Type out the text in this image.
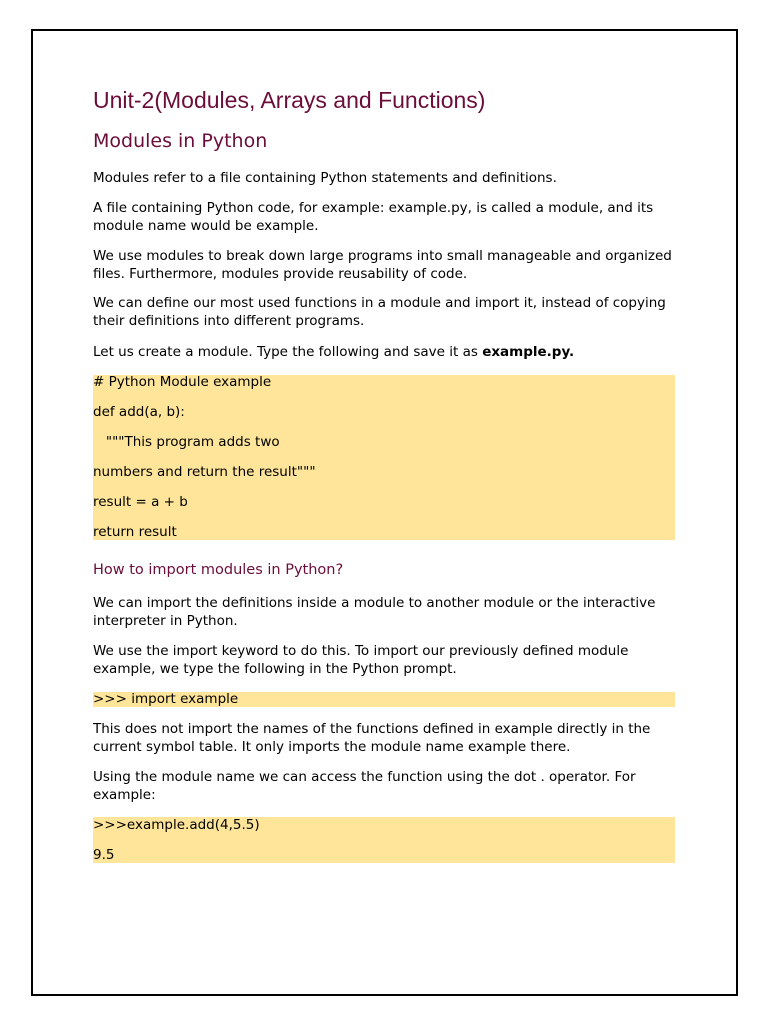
Unit-2(Modules, Arrays and Functions)
Modules in Python

Modules refer to a file containing Python statements and definitions.

A file containing Python code, for example: example.py, is called a module, and its module name would be example.

We use modules to break down large programs into small manageable and organized files. Furthermore, modules provide reusability of code.

We can define our most used functions in a module and import it, instead of copying their definitions into different programs.

Let us create a module. Type the following and save it as example.py.

# Python Module example
def add(a, b):
"""This program adds two
numbers and return the result"""
result = a + b
return result
How to import modules in Python?

We can import the definitions inside a module to another module or the interactive interpreter in Python.

We use the import keyword to do this. To import our previously defined module example, we type the following in the Python prompt.

>>> import example

This does not import the names of the functions defined in example directly in the current symbol table. It only imports the module name example there.

Using the module name we can access the function using the dot . operator. For example:

>>>example.add(4,5.5)
9.5
